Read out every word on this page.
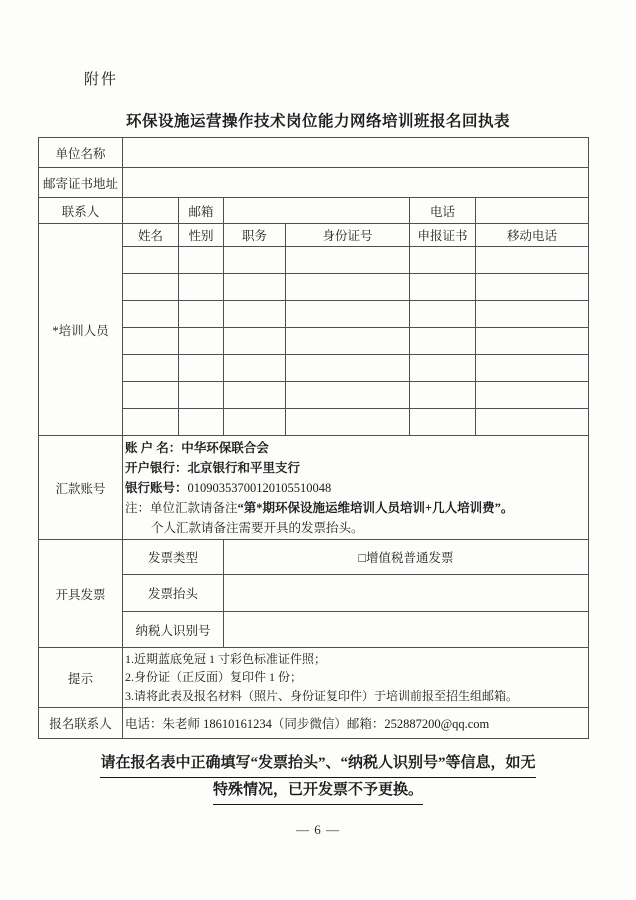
附件
环保设施运营操作技术岗位能力网络培训班报名回执表
单位名称						
邮寄证书地址						
联系人		邮箱			电话	
*培训人员	姓名	性别	职务	身份证号	申报证书	移动电话

汇款账号	账 户 名：中华环保联合会
开户银行：北京银行和平里支行
银行账号：01090353700120105510048
注：单位汇款请备注“第*期环保设施运维培训人员培训+几人培训费”。
个人汇款请备注需要开具的发票抬头。					

开具发票	发票类型		□增值税普通发票			
	发票抬头					
	纳税人识别号					
提示	1.近期蓝底免冠 1 寸彩色标准证件照；
2.身份证（正反面）复印件 1 份；
3.请将此表及报名材料（照片、身份证复印件）于培训前报至招生组邮箱。					

报名联系人	电话：朱老师 18610161234（同步微信）邮箱：252887200@qq.com					
请在报名表中正确填写“发票抬头”、“纳税人识别号”等信息，如无
特殊情况，已开发票不予更换。
— 6 —
